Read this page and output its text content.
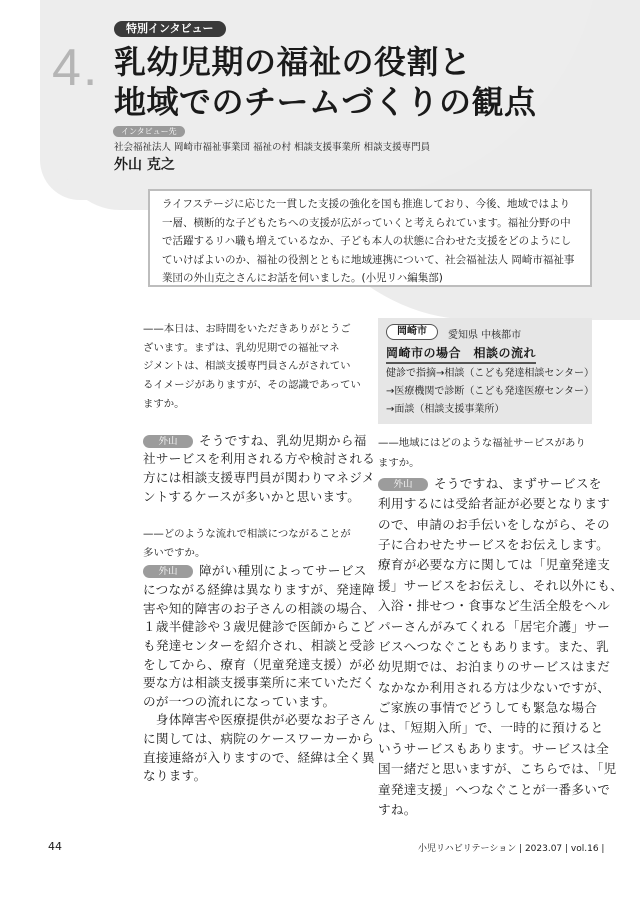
特別インタビュー
4. 乳幼児期の福祉の役割と
地域でのチームづくりの観点
インタビュー先
社会福祉法人 岡崎市福祉事業団 福祉の村 相談支援事業所 相談支援専門員
外山 克之
ライフステージに応じた一貫した支援の強化を国も推進しており、今後、地域ではより一層、横断的な子どもたちへの支援が広がっていくと考えられています。福祉分野の中で活躍するリハ職も増えているなか、子ども本人の状態に合わせた支援をどのようにしていけばよいのか、福祉の役割とともに地域連携について、社会福祉法人 岡崎市福祉事業団の外山克之さんにお話を伺いました。(小児リハ編集部)
——本日は、お時間をいただきありがとうご
ざいます。まずは、乳幼児期での福祉マネ
ジメントは、相談支援専門員さんがされてい
るイメージがありますが、その認識であってい
ますか。
外山 そうですね、乳幼児期から福
社サービスを利用される方や検討される
方には相談支援専門員が関わりマネジメ
ントするケースが多いかと思います。
——どのような流れで相談につながることが
多いですか。
外山 障がい種別によってサービス
につながる経緯は異なりますが、発達障
害や知的障害のお子さんの相談の場合、
１歳半健診や３歳児健診で医師からこど
も発達センターを紹介され、相談と受診
をしてから、療育（児童発達支援）が必
要な方は相談支援事業所に来ていただく
のが一つの流れになっています。
　身体障害や医療提供が必要なお子さん
に関しては、病院のケースワーカーから
直接連絡が入りますので、経緯は全く異
なります。
岡崎市	愛知県 中核都市
岡崎市の場合　相談の流れ
健診で指摘→相談（こども発達相談センター）
→医療機関で診断（こども発達医療センター）
→面談（相談支援事業所）
——地域にはどのような福祉サービスがあり
ますか。
外山 そうですね、まずサービスを
利用するには受給者証が必要となります
ので、申請のお手伝いをしながら、その
子に合わせたサービスをお伝えします。
療育が必要な方に関しては「児童発達支
援」サービスをお伝えし、それ以外にも、
入浴・排せつ・食事など生活全般をヘル
パーさんがみてくれる「居宅介護」サー
ビスへつなぐこともあります。また、乳
幼児期では、お泊まりのサービスはまだ
なかなか利用される方は少ないですが、
ご家族の事情でどうしても緊急な場合
は、「短期入所」で、一時的に預けると
いうサービスもあります。サービスは全
国一緒だと思いますが、こちらでは、「児
童発達支援」へつなぐことが一番多いで
すね。
44	小児リハビリテーション | 2023.07 | vol.16 |
